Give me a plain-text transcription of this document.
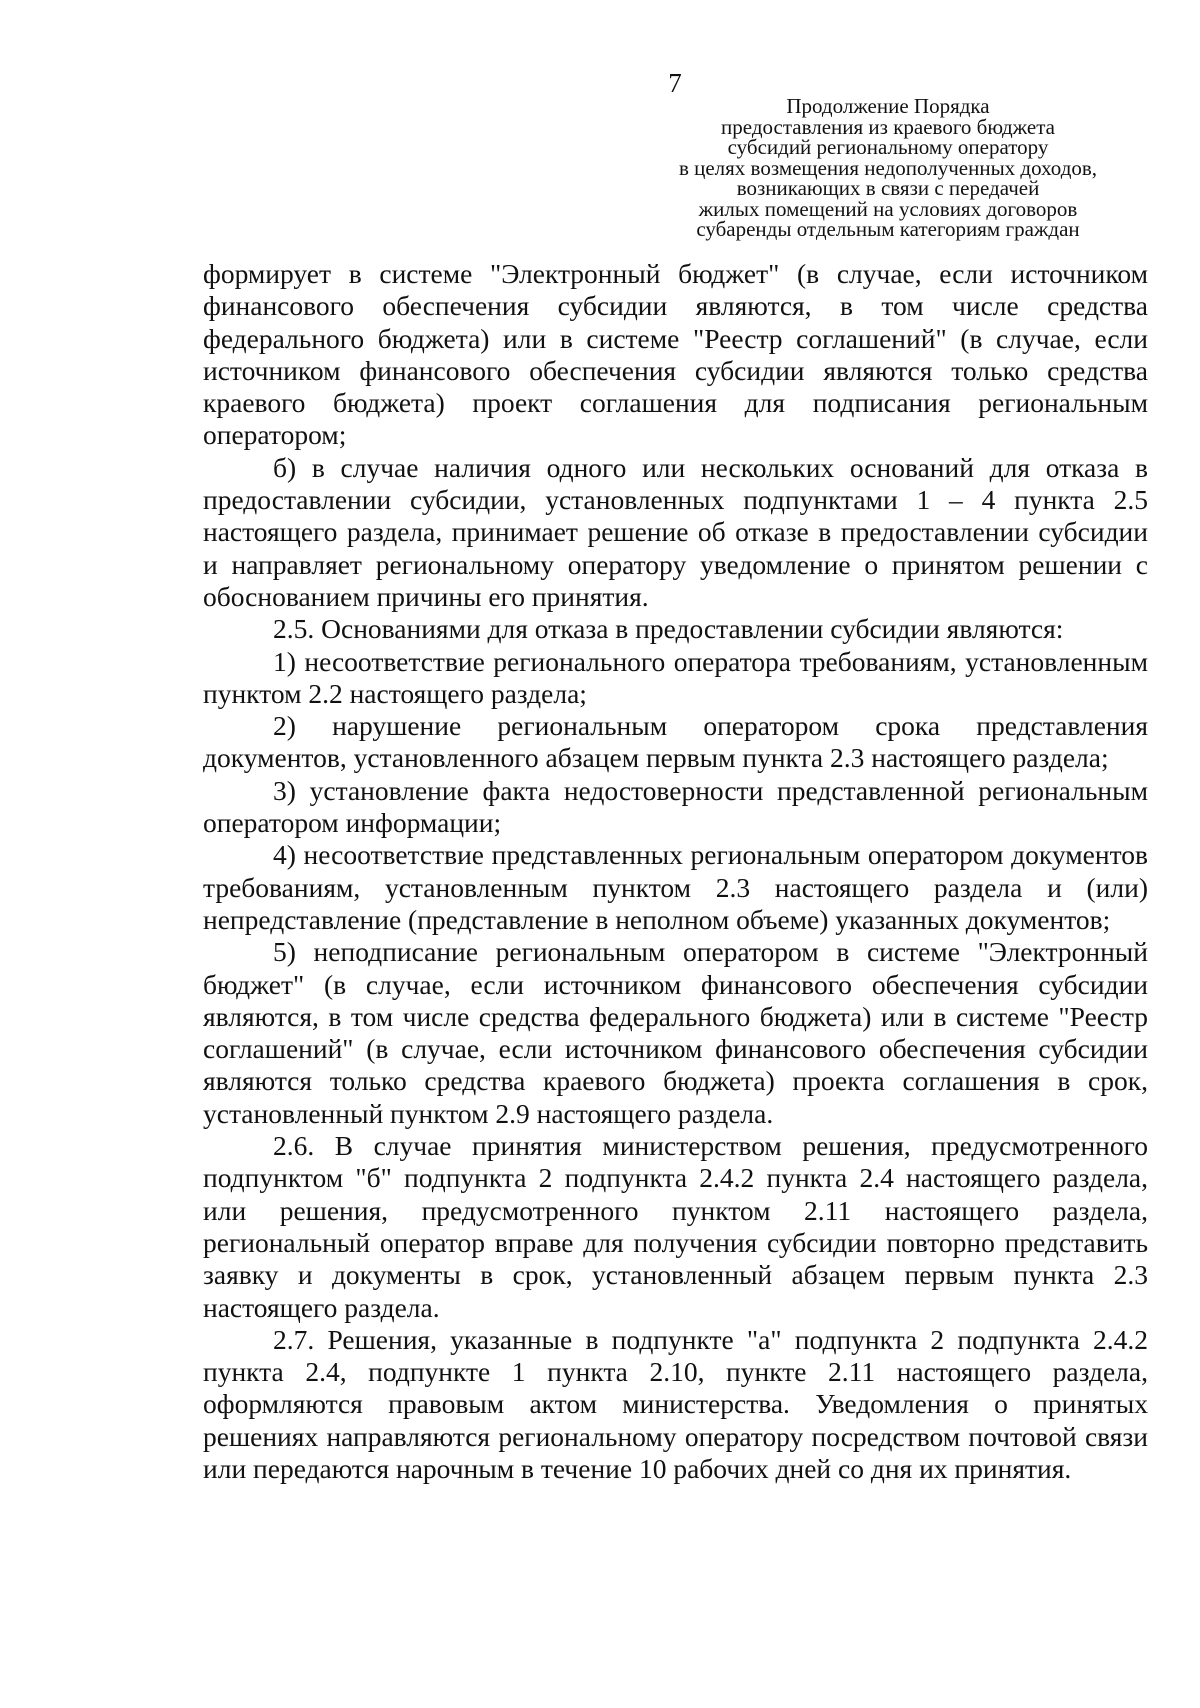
7
Продолжение Порядка
предоставления из краевого бюджета
субсидий региональному оператору
в целях возмещения недополученных доходов,
возникающих в связи с передачей
жилых помещений на условиях договоров
субаренды отдельным категориям граждан

формирует в системе "Электронный бюджет" (в случае, если источником финансового обеспечения субсидии являются, в том числе средства федерального бюджета) или в системе "Реестр соглашений" (в случае, если источником финансового обеспечения субсидии являются только средства краевого бюджета) проект соглашения для подписания региональным оператором;

б) в случае наличия одного или нескольких оснований для отказа в предоставлении субсидии, установленных подпунктами 1 – 4 пункта 2.5 настоящего раздела, принимает решение об отказе в предоставлении субсидии и направляет региональному оператору уведомление о принятом решении с обоснованием причины его принятия.

2.5. Основаниями для отказа в предоставлении субсидии являются:

1) несоответствие регионального оператора требованиям, установленным пунктом 2.2 настоящего раздела;

2) нарушение региональным оператором срока представления документов, установленного абзацем первым пункта 2.3 настоящего раздела;

3) установление факта недостоверности представленной региональным оператором информации;

4) несоответствие представленных региональным оператором документов требованиям, установленным пунктом 2.3 настоящего раздела и (или) непредставление (представление в неполном объеме) указанных документов;

5) неподписание региональным оператором в системе "Электронный бюджет" (в случае, если источником финансового обеспечения субсидии являются, в том числе средства федерального бюджета) или в системе "Реестр соглашений" (в случае, если источником финансового обеспечения субсидии являются только средства краевого бюджета) проекта соглашения в срок, установленный пунктом 2.9 настоящего раздела.

2.6. В случае принятия министерством решения, предусмотренного подпунктом "б" подпункта 2 подпункта 2.4.2 пункта 2.4 настоящего раздела, или решения, предусмотренного пунктом 2.11 настоящего раздела, региональный оператор вправе для получения субсидии повторно представить заявку и документы в срок, установленный абзацем первым пункта 2.3 настоящего раздела.

2.7. Решения, указанные в подпункте "а" подпункта 2 подпункта 2.4.2 пункта 2.4, подпункте 1 пункта 2.10, пункте 2.11 настоящего раздела, оформляются правовым актом министерства. Уведомления о принятых решениях направляются региональному оператору посредством почтовой связи или передаются нарочным в течение 10 рабочих дней со дня их принятия.
